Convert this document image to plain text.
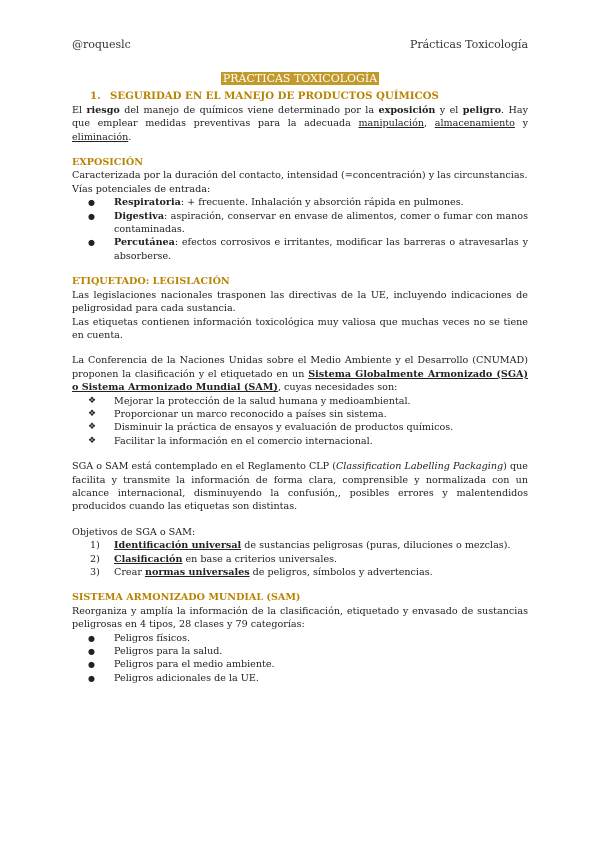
@roqueslc	Prácticas Toxicología

PRÁCTICAS TOXICOLOGÍA

1. SEGURIDAD EN EL MANEJO DE PRODUCTOS QUÍMICOS

El riesgo del manejo de químicos viene determinado por la exposición y el peligro. Hay que emplear medidas preventivas para la adecuada manipulación, almacenamiento y eliminación.

EXPOSICIÓN

Caracterizada por la duración del contacto, intensidad (=concentración) y las circunstancias.

Vías potenciales de entrada:

● Respiratoria: + frecuente. Inhalación y absorción rápida en pulmones.
● Digestiva: aspiración, conservar en envase de alimentos, comer o fumar con manos contaminadas.
● Percutánea: efectos corrosivos e irritantes, modificar las barreras o atravesarlas y absorberse.
ETIQUETADO: LEGISLACIÓN

Las legislaciones nacionales trasponen las directivas de la UE, incluyendo indicaciones de peligrosidad para cada sustancia.

Las etiquetas contienen información toxicológica muy valiosa que muchas veces no se tiene en cuenta.

La Conferencia de la Naciones Unidas sobre el Medio Ambiente y el Desarrollo (CNUMAD) proponen la clasificación y el etiquetado en un Sistema Globalmente Armonizado (SGA) o Sistema Armonizado Mundial (SAM), cuyas necesidades son:

❖ Mejorar la protección de la salud humana y medioambiental.
❖ Proporcionar un marco reconocido a países sin sistema.
❖ Disminuir la práctica de ensayos y evaluación de productos químicos.
❖ Facilitar la información en el comercio internacional.

SGA o SAM está contemplado en el Reglamento CLP (Classification Labelling Packaging) que facilita y transmite la información de forma clara, comprensible y normalizada con un alcance internacional, disminuyendo la confusión,, posibles errores y malentendidos producidos cuando las etiquetas son distintas.

Objetivos de SGA o SAM:

1) Identificación universal de sustancias peligrosas (puras, diluciones o mezclas).
2) Clasificación en base a criterios universales.
3) Crear normas universales de peligros, símbolos y advertencias.
SISTEMA ARMONIZADO MUNDIAL (SAM)

Reorganiza y amplía la información de la clasificación, etiquetado y envasado de sustancias peligrosas en 4 tipos, 28 clases y 79 categorías:

● Peligros físicos.
● Peligros para la salud.
● Peligros para el medio ambiente.
● Peligros adicionales de la UE.
